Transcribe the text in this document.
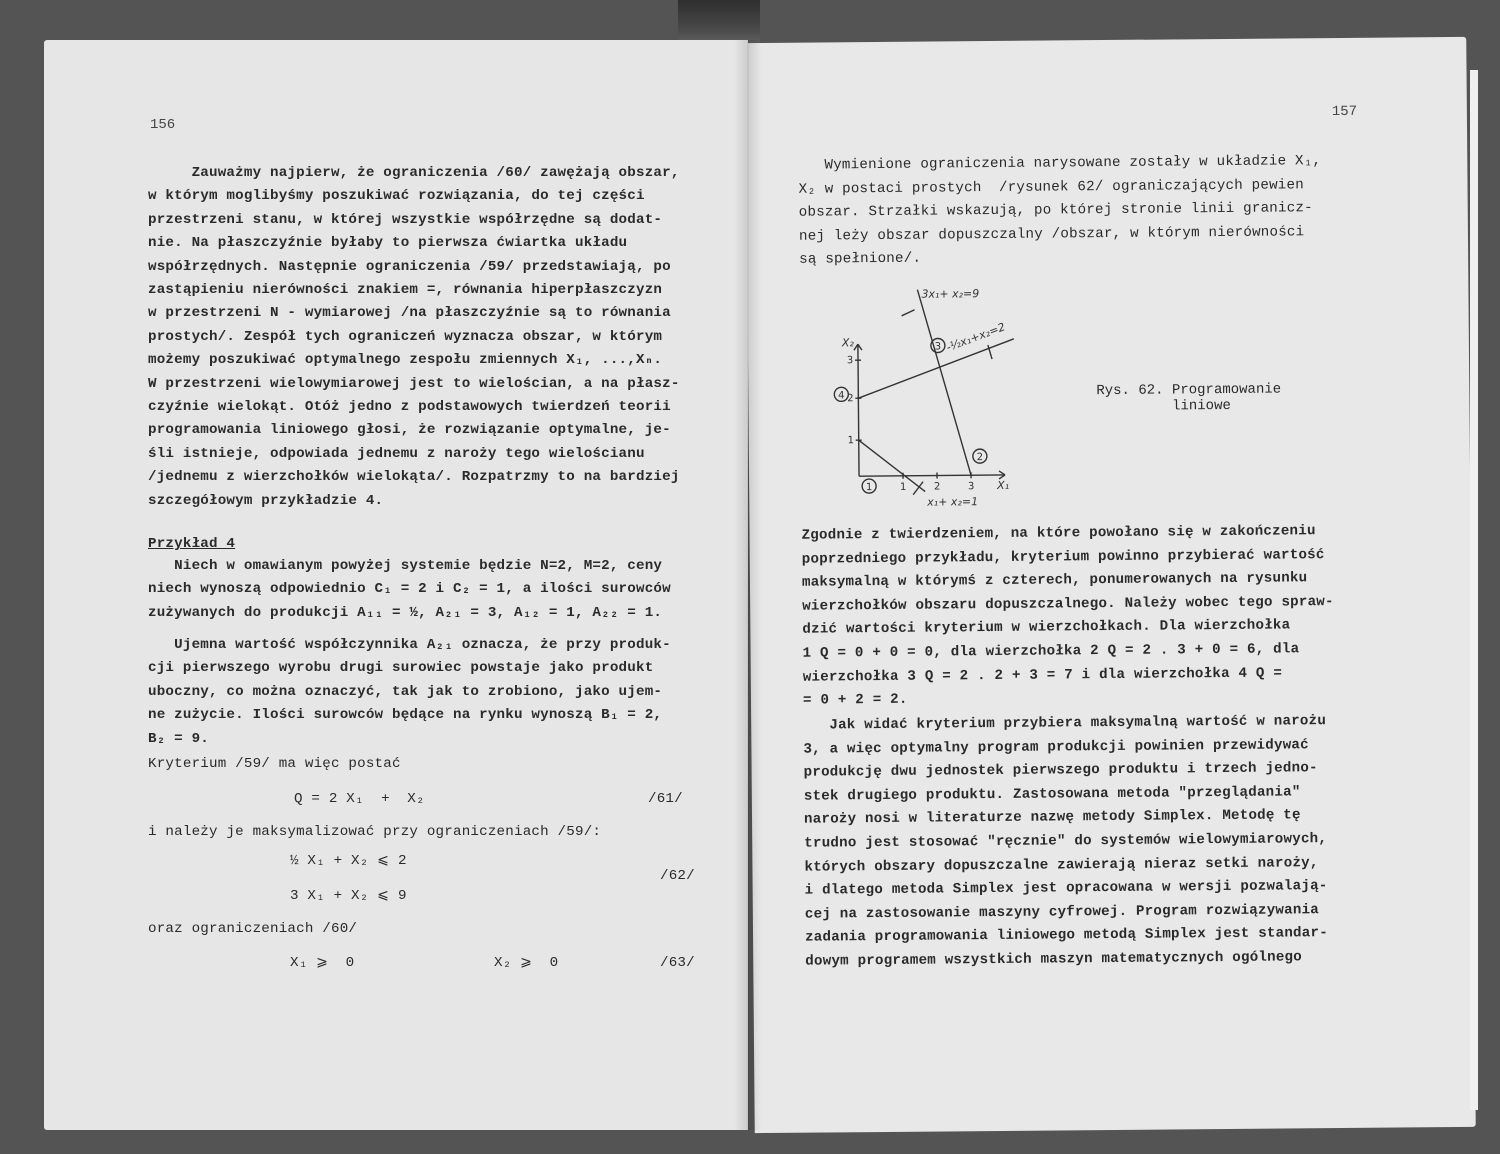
156
Zauważmy najpierw, że ograniczenia /60/ zawężają obszar,
w którym moglibyśmy poszukiwać rozwiązania, do tej części
przestrzeni stanu, w której wszystkie współrzędne są dodat-
nie. Na płaszczyźnie byłaby to pierwsza ćwiartka układu
współrzędnych. Następnie ograniczenia /59/ przedstawiają, po
zastąpieniu nierówności znakiem =, równania hiperpłaszczyzn
w przestrzeni N - wymiarowej /na płaszczyźnie są to równania
prostych/. Zespół tych ograniczeń wyznacza obszar, w którym
możemy poszukiwać optymalnego zespołu zmiennych X₁, ...,Xₙ.
W przestrzeni wielowymiarowej jest to wielościan, a na płasz-
czyźnie wielokąt. Otóż jedno z podstawowych twierdzeń teorii
programowania liniowego głosi, że rozwiązanie optymalne, je-
śli istnieje, odpowiada jednemu z naroży tego wielościanu
/jednemu z wierzchołków wielokąta/. Rozpatrzmy to na bardziej
szczegółowym przykładzie 4.
Przykład 4
Niech w omawianym powyżej systemie będzie N=2, M=2, ceny
niech wynoszą odpowiednio C₁ = 2 i C₂ = 1, a ilości surowców
zużywanych do produkcji A₁₁ = ½, A₂₁ = 3, A₁₂ = 1, A₂₂ = 1.
Ujemna wartość współczynnika A₂₁ oznacza, że przy produk-
cji pierwszego wyrobu drugi surowiec powstaje jako produkt
uboczny, co można oznaczyć, tak jak to zrobiono, jako ujem-
ne zużycie. Ilości surowców będące na rynku wynoszą B₁ = 2,
B₂ = 9.
Kryterium /59/ ma więc postać
Q = 2 X₁  +  X₂	/61/
i należy je maksymalizować przy ograniczeniach /59/:
½ X₁ + X₂ ⩽ 2
3 X₁ + X₂ ⩽ 9
/62/
oraz ograniczeniach /60/
X₁ ⩾  0	X₂ ⩾  0	/63/
157
Wymienione ograniczenia narysowane zostały w układzie X₁,
X₂ w postaci prostych  /rysunek 62/ ograniczających pewien
obszar. Strzałki wskazują, po której stronie linii granicz-
nej leży obszar dopuszczalny /obszar, w którym nierówności
są spełnione/.
1
2
3
4
1	2	3
1
2
3
X₂
X₁
3x₁+ x₂=9
-½x₁+x₂=2
x₁+ x₂=1
Rys. 62. Programowanie
liniowe
Zgodnie z twierdzeniem, na które powołano się w zakończeniu
poprzedniego przykładu, kryterium powinno przybierać wartość
maksymalną w którymś z czterech, ponumerowanych na rysunku
wierzchołków obszaru dopuszczalnego. Należy wobec tego spraw-
dzić wartości kryterium w wierzchołkach. Dla wierzchołka
1 Q = 0 + 0 = 0, dla wierzchołka 2 Q = 2 . 3 + 0 = 6, dla
wierzchołka 3 Q = 2 . 2 + 3 = 7 i dla wierzchołka 4 Q =
= 0 + 2 = 2.
Jak widać kryterium przybiera maksymalną wartość w narożu
3, a więc optymalny program produkcji powinien przewidywać
produkcję dwu jednostek pierwszego produktu i trzech jedno-
stek drugiego produktu. Zastosowana metoda "przeglądania"
naroży nosi w literaturze nazwę metody Simplex. Metodę tę
trudno jest stosować "ręcznie" do systemów wielowymiarowych,
których obszary dopuszczalne zawierają nieraz setki naroży,
i dlatego metoda Simplex jest opracowana w wersji pozwalają-
cej na zastosowanie maszyny cyfrowej. Program rozwiązywania
zadania programowania liniowego metodą Simplex jest standar-
dowym programem wszystkich maszyn matematycznych ogólnego
